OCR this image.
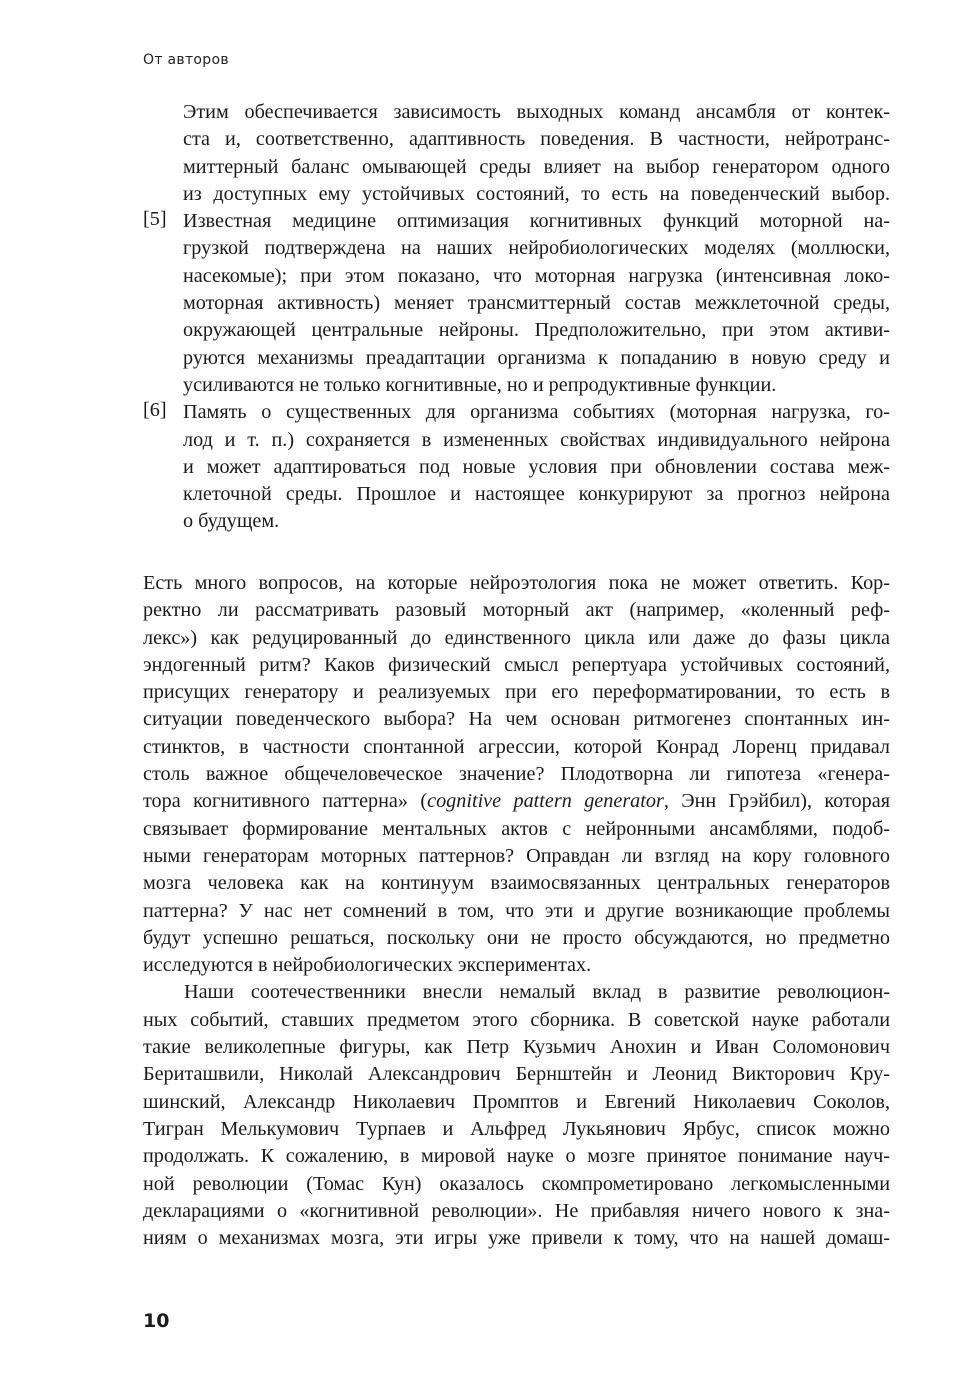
От авторов
Этим обеспечивается зависимость выходных команд ансамбля от контек-
ста и, соответственно, адаптивность поведения. В частности, нейротранс-
миттерный баланс омывающей среды влияет на выбор генератором одного
из доступных ему устойчивых состояний, то есть на поведенческий выбор.
[5] Известная медицине оптимизация когнитивных функций моторной на-
грузкой подтверждена на наших нейробиологических моделях (моллюски,
насекомые); при этом показано, что моторная нагрузка (интенсивная локо-
моторная активность) меняет трансмиттерный состав межклеточной среды,
окружающей центральные нейроны. Предположительно, при этом активи-
руются механизмы преадаптации организма к попаданию в новую среду и
усиливаются не только когнитивные, но и репродуктивные функции.
[6] Память о существенных для организма событиях (моторная нагрузка, го-
лод и т. п.) сохраняется в измененных свойствах индивидуального нейрона
и может адаптироваться под новые условия при обновлении состава меж-
клеточной среды. Прошлое и настоящее конкурируют за прогноз нейрона
о будущем.
Есть много вопросов, на которые нейроэтология пока не может ответить. Кор-
ректно ли рассматривать разовый моторный акт (например, «коленный реф-
лекс») как редуцированный до единственного цикла или даже до фазы цикла
эндогенный ритм? Каков физический смысл репертуара устойчивых состояний,
присущих генератору и реализуемых при его переформатировании, то есть в
ситуации поведенческого выбора? На чем основан ритмогенез спонтанных ин-
стинктов, в частности спонтанной агрессии, которой Конрад Лоренц придавал
столь важное общечеловеческое значение? Плодотворна ли гипотеза «генера-
тора когнитивного паттерна» (cognitive pattern generator, Энн Грэйбил), которая
связывает формирование ментальных актов с нейронными ансамблями, подоб-
ными генераторам моторных паттернов? Оправдан ли взгляд на кору головного
мозга человека как на континуум взаимосвязанных центральных генераторов
паттерна? У нас нет сомнений в том, что эти и другие возникающие проблемы
будут успешно решаться, поскольку они не просто обсуждаются, но предметно
исследуются в нейробиологических экспериментах.
Наши соотечественники внесли немалый вклад в развитие революцион-
ных событий, ставших предметом этого сборника. В советской науке работали
такие великолепные фигуры, как Петр Кузьмич Анохин и Иван Соломонович
Бериташвили, Николай Александрович Бернштейн и Леонид Викторович Кру-
шинский, Александр Николаевич Промптов и Евгений Николаевич Соколов,
Тигран Мелькумович Турпаев и Альфред Лукьянович Ярбус, список можно
продолжать. К сожалению, в мировой науке о мозге принятое понимание науч-
ной революции (Томас Кун) оказалось скомпрометировано легкомысленными
декларациями о «когнитивной революции». Не прибавляя ничего нового к зна-
ниям о механизмах мозга, эти игры уже привели к тому, что на нашей домаш-
10
